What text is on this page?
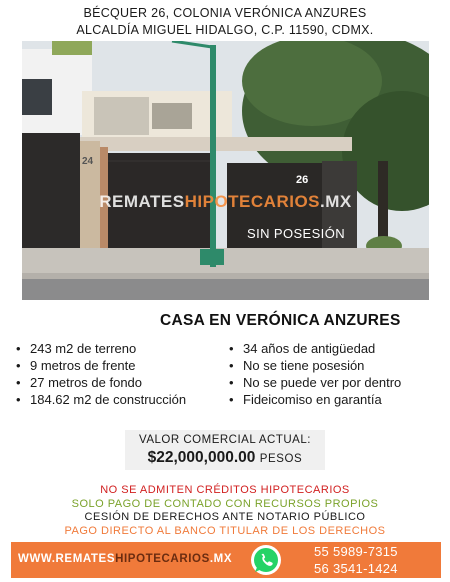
BÉCQUER 26, COLONIA VERÓNICA ANZURES
ALCALDÍA MIGUEL HIDALGO, C.P. 11590, CDMX.
24
REMATESHIPOTECARIOS.MX
26
SIN POSESIÓN
CASA EN VERÓNICA ANZURES
• 243 m2 de terreno
• 9 metros de frente
• 27 metros de fondo
• 184.62 m2 de construcción
• 34 años de antigüedad
• No se tiene posesión
• No se puede ver por dentro
• Fideicomiso en garantía
VALOR COMERCIAL ACTUAL:
$22,000,000.00 PESOS
NO SE ADMITEN CRÉDITOS HIPOTECARIOS
SOLO PAGO DE CONTADO CON RECURSOS PROPIOS
CESIÓN DE DERECHOS ANTE NOTARIO PÚBLICO
PAGO DIRECTO AL BANCO TITULAR DE LOS DERECHOS
WWW.REMATESHIPOTECARIOS.MX	55 5989-7315
56 3541-1424
